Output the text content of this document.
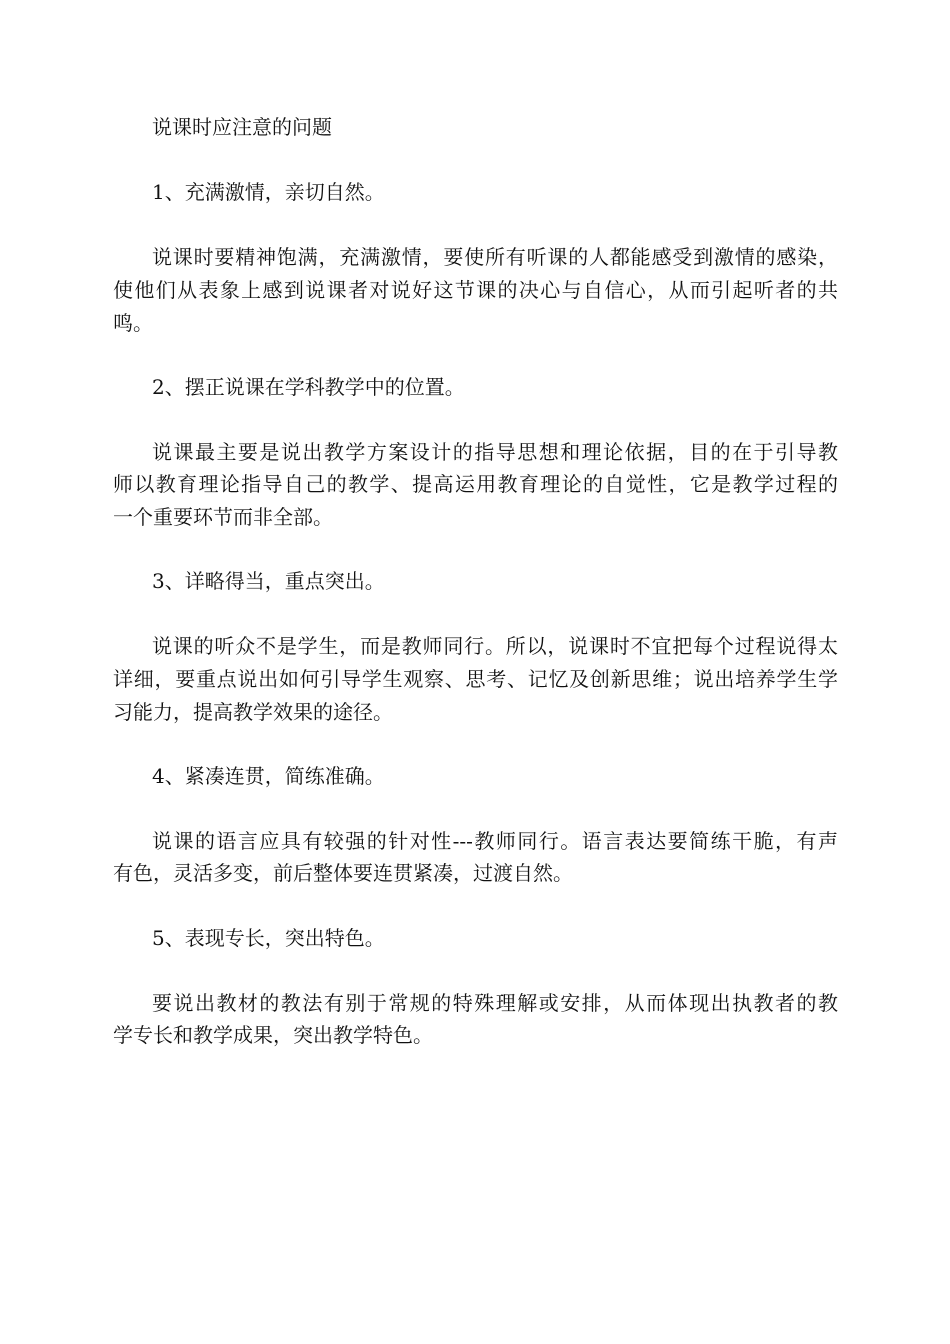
说课时应注意的问题
1、充满激情，亲切自然。
说课时要精神饱满，充满激情，要使所有听课的人都能感受到激情的感染，
使他们从表象上感到说课者对说好这节课的决心与自信心，从而引起听者的共
鸣。
2、摆正说课在学科教学中的位置。
说课最主要是说出教学方案设计的指导思想和理论依据，目的在于引导教
师以教育理论指导自己的教学、提高运用教育理论的自觉性，它是教学过程的
一个重要环节而非全部。
3、详略得当，重点突出。
说课的听众不是学生，而是教师同行。所以，说课时不宜把每个过程说得太
详细，要重点说出如何引导学生观察、思考、记忆及创新思维；说出培养学生学
习能力，提高教学效果的途径。
4、紧凑连贯，简练准确。
说课的语言应具有较强的针对性---教师同行。语言表达要简练干脆，有声
有色，灵活多变，前后整体要连贯紧凑，过渡自然。
5、表现专长，突出特色。
要说出教材的教法有别于常规的特殊理解或安排，从而体现出执教者的教
学专长和教学成果，突出教学特色。
